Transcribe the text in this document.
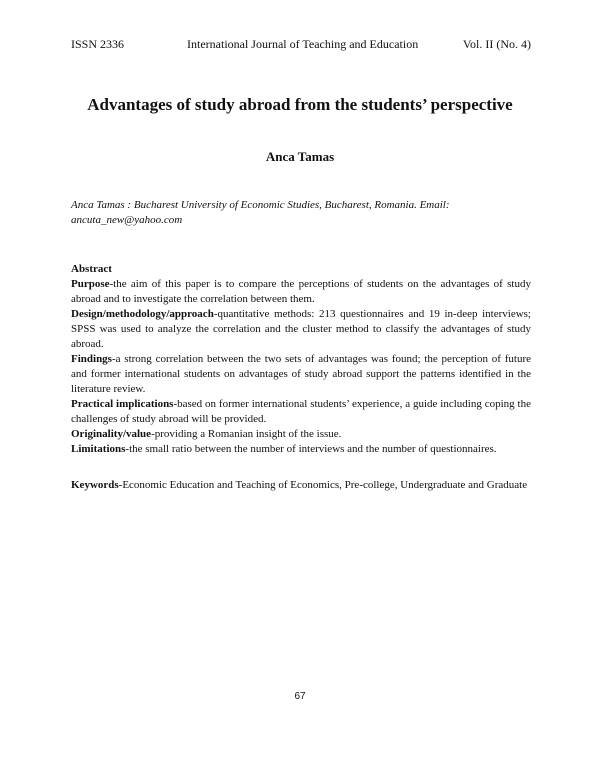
ISSN 2336	International Journal of Teaching and Education	Vol. II (No. 4)
Advantages of study abroad from the students’ perspective
Anca Tamas
Anca Tamas : Bucharest University of Economic Studies, Bucharest, Romania. Email: ancuta_new@yahoo.com

Abstract

Purpose-the aim of this paper is to compare the perceptions of students on the advantages of study abroad and to investigate the correlation between them.

Design/methodology/approach-quantitative methods: 213 questionnaires and 19 in-deep interviews; SPSS was used to analyze the correlation and the cluster method to classify the advantages of study abroad.

Findings-a strong correlation between the two sets of advantages was found; the perception of future and former international students on advantages of study abroad support the patterns identified in the literature review.

Practical implications-based on former international students’ experience, a guide including coping the challenges of study abroad will be provided.

Originality/value-providing a Romanian insight of the issue.

Limitations-the small ratio between the number of interviews and the number of questionnaires.

Keywords-Economic Education and Teaching of Economics, Pre-college, Undergraduate and Graduate

67
